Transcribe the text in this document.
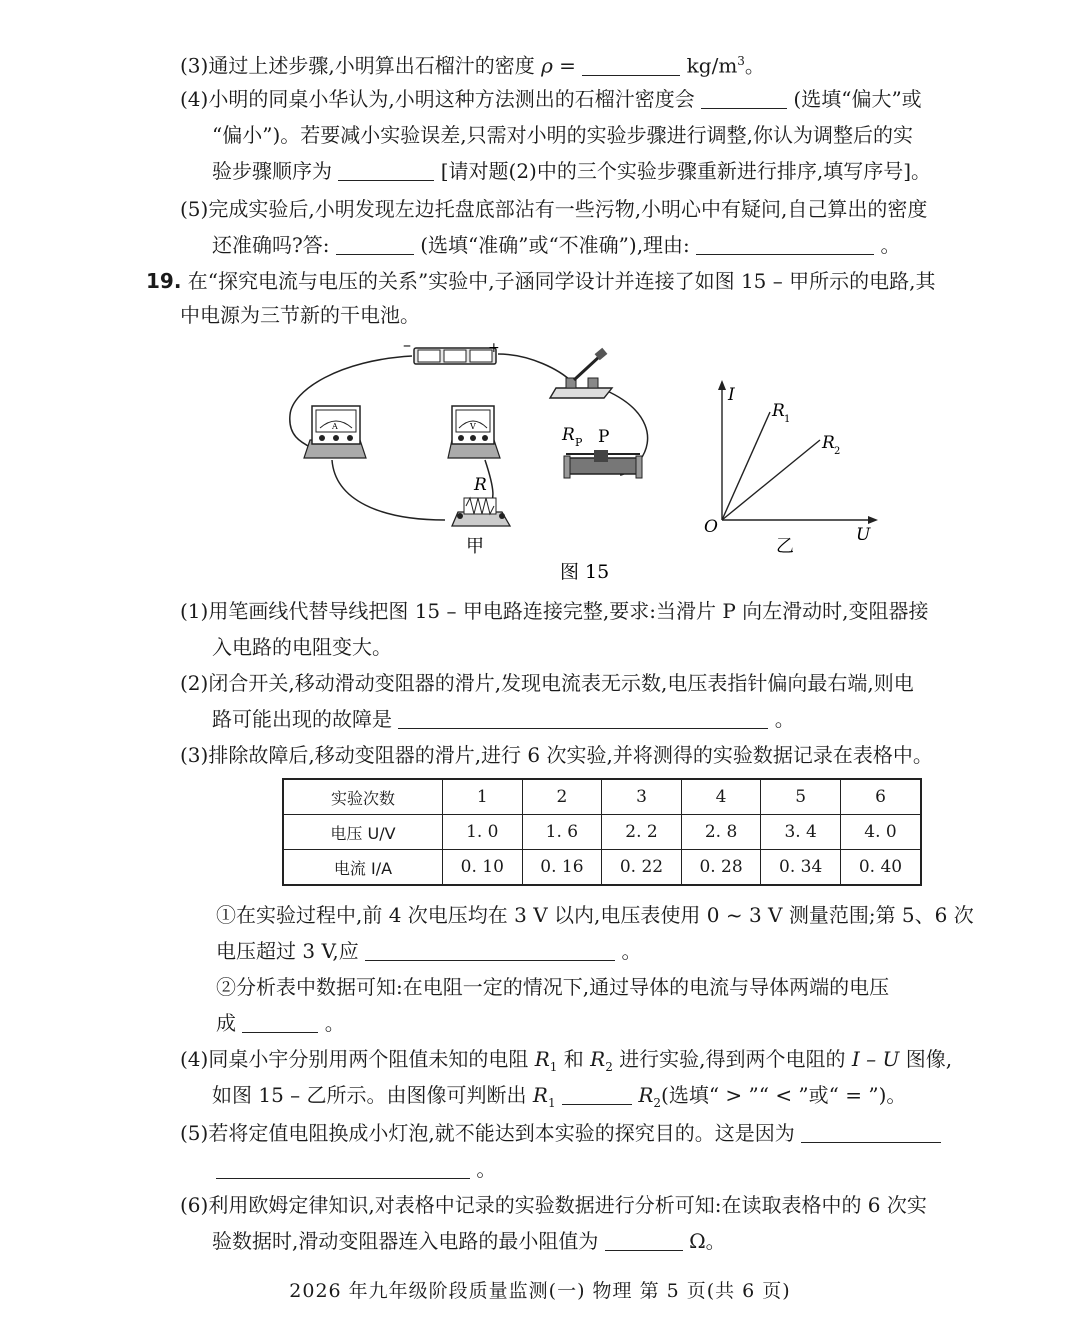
(3)通过上述步骤,小明算出石榴汁的密度 ρ =	$kg/m^3$。
(4)小明的同桌小华认为,小明这种方法测出的石榴汁密度会	(选填“偏大”或
“偏小”)。若要减小实验误差,只需对小明的实验步骤进行调整,你认为调整后的实
验步骤顺序为	[请对题(2)中的三个实验步骤重新进行排序,填写序号]。
(5)完成实验后,小明发现左边托盘底部沾有一些污物,小明心中有疑问,自己算出的密度
还准确吗?答:	(选填“准确”或“不准确”),理由:	。
19. 在“探究电流与电压的关系”实验中,子涵同学设计并连接了如图 15 – 甲所示的电路,其
中电源为三节新的干电池。
–	+
A	V	R P P
R
甲
I
U
O
R 1
R 2
乙
图 15
(1)用笔画线代替导线把图 15 – 甲电路连接完整,要求:当滑片 P 向左滑动时,变阻器接
入电路的电阻变大。
(2)闭合开关,移动滑动变阻器的滑片,发现电流表无示数,电压表指针偏向最右端,则电
路可能出现的故障是	。
(3)排除故障后,移动变阻器的滑片,进行 6 次实验,并将测得的实验数据记录在表格中。
实验次数	1	2	3	4	5	6
电压 U/V	1. 0	1. 6	2. 2	2. 8	3. 4	4. 0
电流 I/A	0. 10	0. 16	0. 22	0. 28	0. 34	0. 40
①在实验过程中,前 4 次电压均在 3 V 以内,电压表使用 0 ~ 3 V 测量范围;第 5、6 次
电压超过 3 V,应	。
②分析表中数据可知:在电阻一定的情况下,通过导体的电流与导体两端的电压
成	。
(4)同桌小宇分别用两个阻值未知的电阻 $R_1$ 和 $R_2$ 进行实验,得到两个电阻的 I – U 图像,
如图 15 – 乙所示。由图像可判断出 $R_1$	$R_2$(选填“ > ”“ < ”或“ = ”)。
(5)若将定值电阻换成小灯泡,就不能达到本实验的探究目的。这是因为
。
(6)利用欧姆定律知识,对表格中记录的实验数据进行分析可知:在读取表格中的 6 次实
验数据时,滑动变阻器连入电路的最小阻值为	Ω。
2026 年九年级阶段质量监测(一) 物理 第 5 页(共 6 页)
